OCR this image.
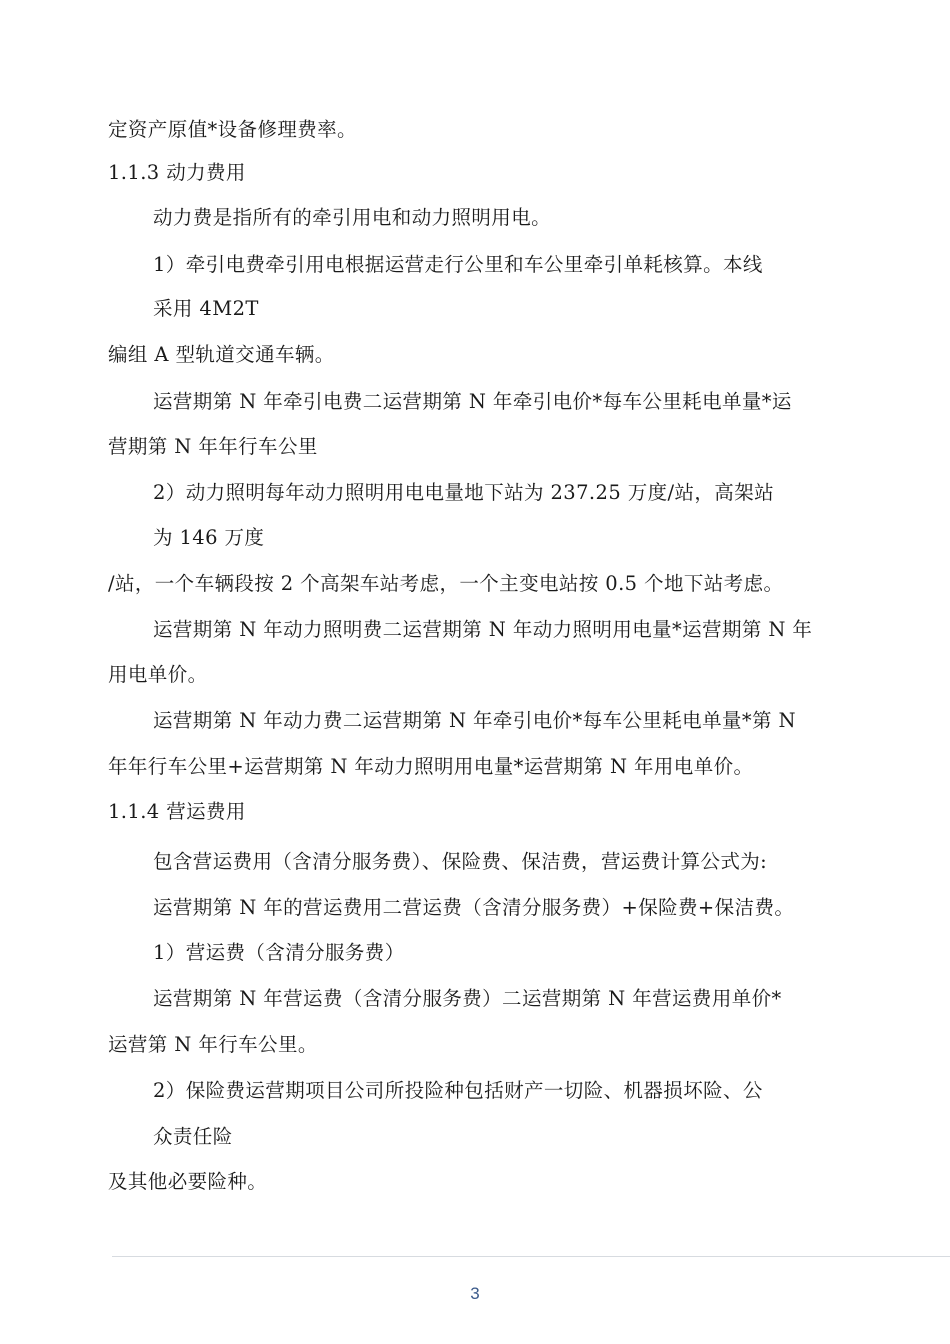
定资产原值*设备修理费率。
1.1.3 动力费用
动力费是指所有的牵引用电和动力照明用电。
1）牵引电费牵引用电根据运营走行公里和车公里牵引单耗核算。本线
采用 4M2T
编组 A 型轨道交通车辆。
运营期第 N 年牵引电费二运营期第 N 年牵引电价*每车公里耗电单量*运
营期第 N 年年行车公里
2）动力照明每年动力照明用电电量地下站为 237.25 万度/站，高架站
为 146 万度
/站，一个车辆段按 2 个高架车站考虑，一个主变电站按 0.5 个地下站考虑。
运营期第 N 年动力照明费二运营期第 N 年动力照明用电量*运营期第 N 年
用电单价。
运营期第 N 年动力费二运营期第 N 年牵引电价*每车公里耗电单量*第 N
年年行车公里+运营期第 N 年动力照明用电量*运营期第 N 年用电单价。
1.1.4 营运费用
包含营运费用（含清分服务费）、保险费、保洁费，营运费计算公式为:
运营期第 N 年的营运费用二营运费（含清分服务费）+保险费+保洁费。
1）营运费（含清分服务费）
运营期第 N 年营运费（含清分服务费）二运营期第 N 年营运费用单价*
运营第 N 年行车公里。
2）保险费运营期项目公司所投险种包括财产一切险、机器损坏险、公
众责任险
及其他必要险种。
3
